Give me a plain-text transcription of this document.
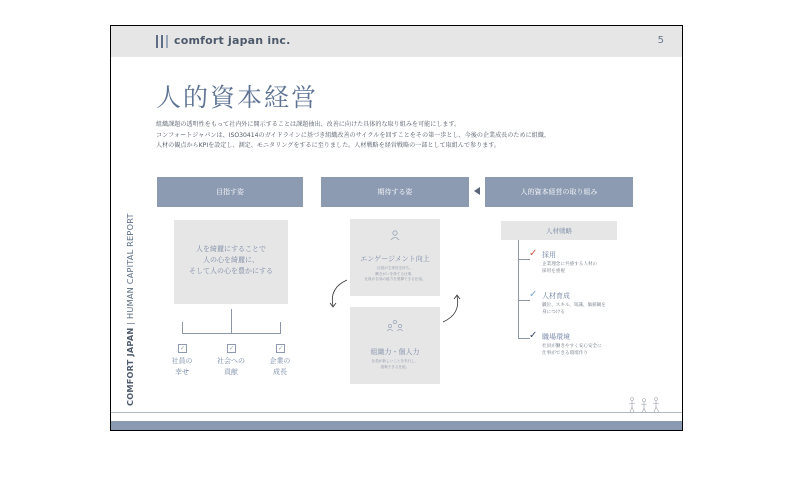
comfort japan inc.	5
人的資本経営

組織課題の透明性をもって社内外に開示することは課題抽出、改善に向けた具体的な取り組みを可能にします。

コンフォートジャパンは、ISO30414のガイドラインに基づき組織改善のサイクルを回すことをその第一歩とし、今後の企業成長のために組織、

人材の観点からKPIを設定し、測定、モニタリングをするに至りました。人材戦略を経営戦略の一部として取組んで参ります。

COMFORT JAPAN | HUMAN CAPITAL REPORT
目指す姿
人を綺麗にすることで
人の心を綺麗に、
そして人の心を豊かにする
✓	✓	✓
社員の
幸せ
社会への
貢献
企業の
成長
期待する姿
エンゲージメント向上
社員が主体性を持ち、
働きがいを持てる仕事、
社員が自身の能力を発揮できる仕組。
組織力・個人力
社員が新しいことを実行し、
挑戦できる仕組。
人的資本経営の取り組み
人材戦略
✓ 採用
企業理念に共感する人材の
採用を重視
✓ 人材育成
職位、スキル、知識、価値観を
身につける
✓ 職場環境
社員が働きやすく安心安全に
仕事ができる環境作り
